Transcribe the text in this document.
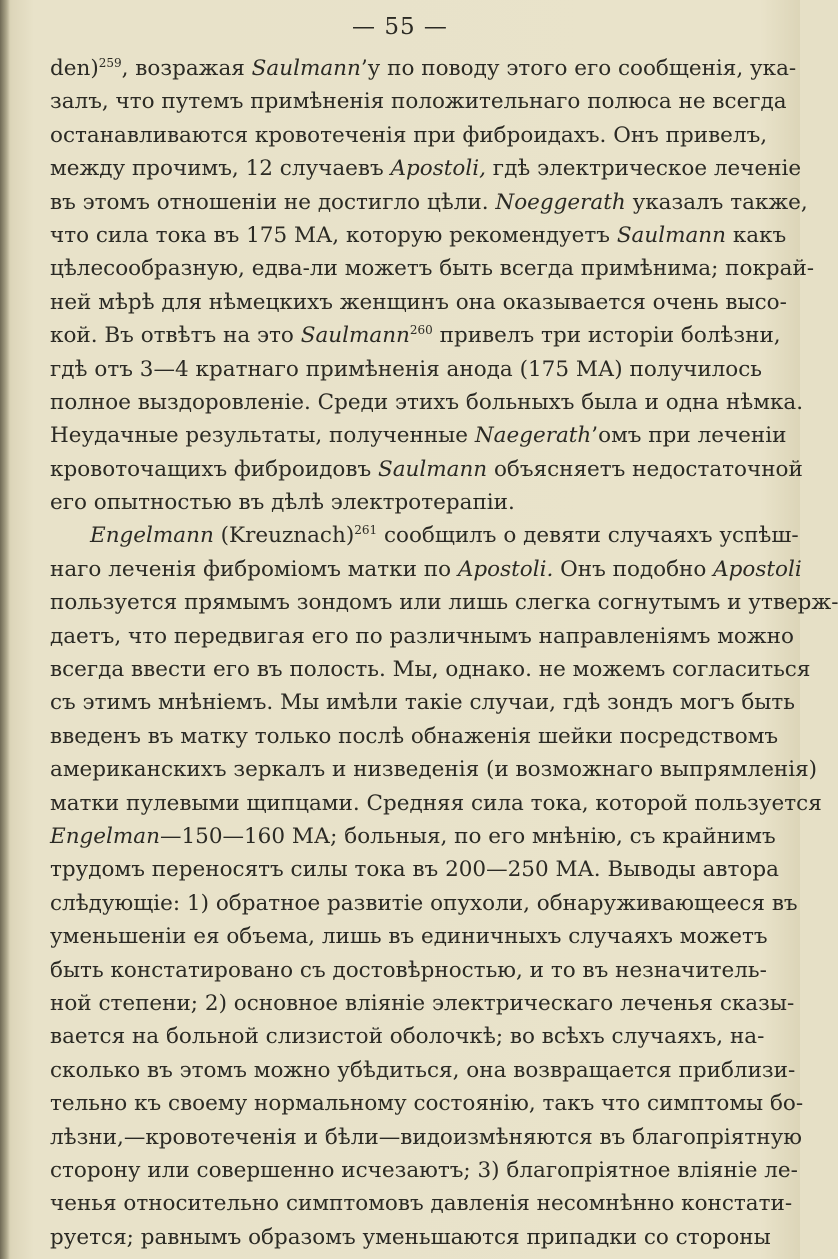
— 55 —
den)$^{259}$, возражая Saulmann’у по поводу этого его сообщенія, ука-
залъ, что путемъ примѣненія положительнаго полюса не всегда
останавливаются кровотеченія при фиброидахъ. Онъ привелъ,
между прочимъ, 12 случаевъ Apostoli, гдѣ электрическое леченіе
въ этомъ отношеніи не достигло цѣли. Noeggerath указалъ также,
что сила тока въ 175 МА, которую рекомендуетъ Saulmann какъ
цѣлесообразную, едва-ли можетъ быть всегда примѣнима; покрай-
ней мѣрѣ для нѣмецкихъ женщинъ она оказывается очень высо-
кой. Въ отвѣтъ на это Saulmann$^{260}$ привелъ три исторіи болѣзни,
гдѣ отъ 3—4 кратнаго примѣненія анода (175 МА) получилось
полное выздоровленіе. Среди этихъ больныхъ была и одна нѣмка.
Неудачные результаты, полученные Naegerath’омъ при леченіи
кровоточащихъ фиброидовъ Saulmann объясняетъ недостаточной
его опытностью въ дѣлѣ электротерапіи.
Engelmann (Kreuznach)$^{261}$ сообщилъ о девяти случаяхъ успѣш-
наго леченія фиброміомъ матки по Apostoli. Онъ подобно Apostoli
пользуется прямымъ зондомъ или лишь слегка согнутымъ и утверж-
даетъ, что передвигая его по различнымъ направленіямъ можно
всегда ввести его въ полость. Мы, однако. не можемъ согласиться
съ этимъ мнѣніемъ. Мы имѣли такіе случаи, гдѣ зондъ могъ быть
введенъ въ матку только послѣ обнаженія шейки посредствомъ
американскихъ зеркалъ и низведенія (и возможнаго выпрямленія)
матки пулевыми щипцами. Средняя сила тока, которой пользуется
Engelman—150—160 МА; больныя, по его мнѣнію, съ крайнимъ
трудомъ переносятъ силы тока въ 200—250 МА. Выводы автора
слѣдующіе: 1) обратное развитіе опухоли, обнаруживающееся въ
уменьшеніи ея объема, лишь въ единичныхъ случаяхъ можетъ
быть констатировано съ достовѣрностью, и то въ незначитель-
ной степени; 2) основное вліяніе электрическаго леченья сказы-
вается на больной слизистой оболочкѣ; во всѣхъ случаяхъ, на-
сколько въ этомъ можно убѣдиться, она возвращается приблизи-
тельно къ своему нормальному состоянію, такъ что симптомы бо-
лѣзни,—кровотеченія и бѣли—видоизмѣняются въ благопріятную
сторону или совершенно исчезаютъ; 3) благопріятное вліяніе ле-
ченья относительно симптомовъ давленія несомнѣнно констати-
руется; равнымъ образомъ уменьшаются припадки со стороны
